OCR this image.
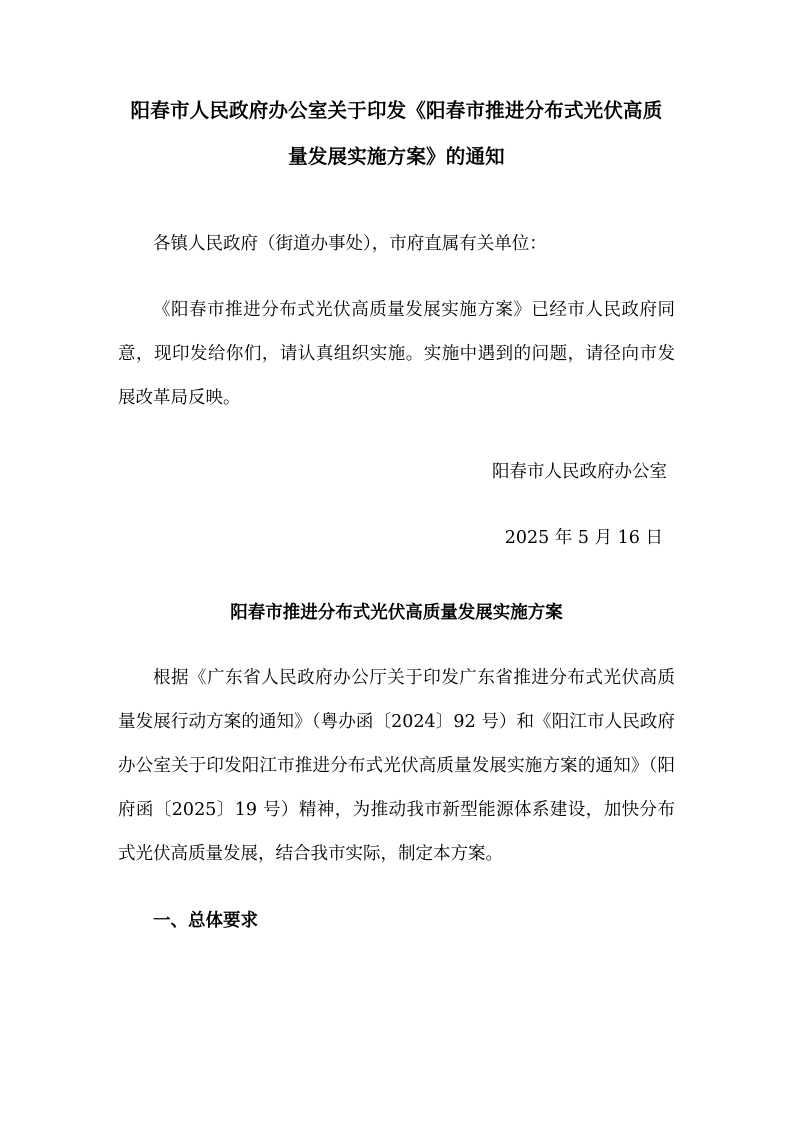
阳春市人民政府办公室关于印发《阳春市推进分布式光伏高质量发展实施方案》的通知

各镇人民政府（街道办事处），市府直属有关单位：

《阳春市推进分布式光伏高质量发展实施方案》已经市人民政府同意，现印发给你们，请认真组织实施。实施中遇到的问题，请径向市发展改革局反映。

阳春市人民政府办公室

2025 年 5 月 16 日

阳春市推进分布式光伏高质量发展实施方案

根据《广东省人民政府办公厅关于印发广东省推进分布式光伏高质量发展行动方案的通知》（粤办函〔2024〕92 号）和《阳江市人民政府办公室关于印发阳江市推进分布式光伏高质量发展实施方案的通知》（阳府函〔2025〕19 号）精神，为推动我市新型能源体系建设，加快分布式光伏高质量发展，结合我市实际，制定本方案。

一、总体要求
